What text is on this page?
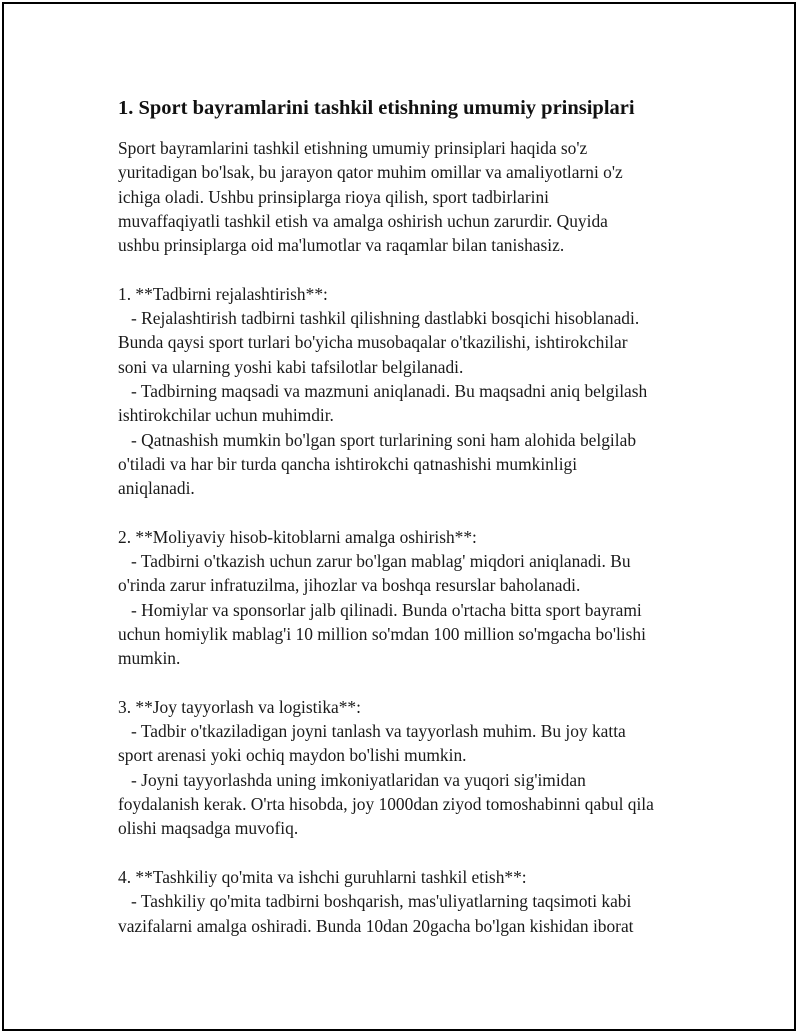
1. Sport bayramlarini tashkil etishning umumiy prinsiplari
Sport bayramlarini tashkil etishning umumiy prinsiplari haqida so'z
yuritadigan bo'lsak, bu jarayon qator muhim omillar va amaliyotlarni o'z
ichiga oladi. Ushbu prinsiplarga rioya qilish, sport tadbirlarini
muvaffaqiyatli tashkil etish va amalga oshirish uchun zarurdir. Quyida
ushbu prinsiplarga oid ma'lumotlar va raqamlar bilan tanishasiz.
1. **Tadbirni rejalashtirish**:
- Rejalashtirish tadbirni tashkil qilishning dastlabki bosqichi hisoblanadi.
Bunda qaysi sport turlari bo'yicha musobaqalar o'tkazilishi, ishtirokchilar
soni va ularning yoshi kabi tafsilotlar belgilanadi.
- Tadbirning maqsadi va mazmuni aniqlanadi. Bu maqsadni aniq belgilash
ishtirokchilar uchun muhimdir.
- Qatnashish mumkin bo'lgan sport turlarining soni ham alohida belgilab
o'tiladi va har bir turda qancha ishtirokchi qatnashishi mumkinligi
aniqlanadi.
2. **Moliyaviy hisob-kitoblarni amalga oshirish**:
- Tadbirni o'tkazish uchun zarur bo'lgan mablag' miqdori aniqlanadi. Bu
o'rinda zarur infratuzilma, jihozlar va boshqa resurslar baholanadi.
- Homiylar va sponsorlar jalb qilinadi. Bunda o'rtacha bitta sport bayrami
uchun homiylik mablag'i 10 million so'mdan 100 million so'mgacha bo'lishi
mumkin.
3. **Joy tayyorlash va logistika**:
- Tadbir o'tkaziladigan joyni tanlash va tayyorlash muhim. Bu joy katta
sport arenasi yoki ochiq maydon bo'lishi mumkin.
- Joyni tayyorlashda uning imkoniyatlaridan va yuqori sig'imidan
foydalanish kerak. O'rta hisobda, joy 1000dan ziyod tomoshabinni qabul qila
olishi maqsadga muvofiq.
4. **Tashkiliy qo'mita va ishchi guruhlarni tashkil etish**:
- Tashkiliy qo'mita tadbirni boshqarish, mas'uliyatlarning taqsimoti kabi
vazifalarni amalga oshiradi. Bunda 10dan 20gacha bo'lgan kishidan iborat
